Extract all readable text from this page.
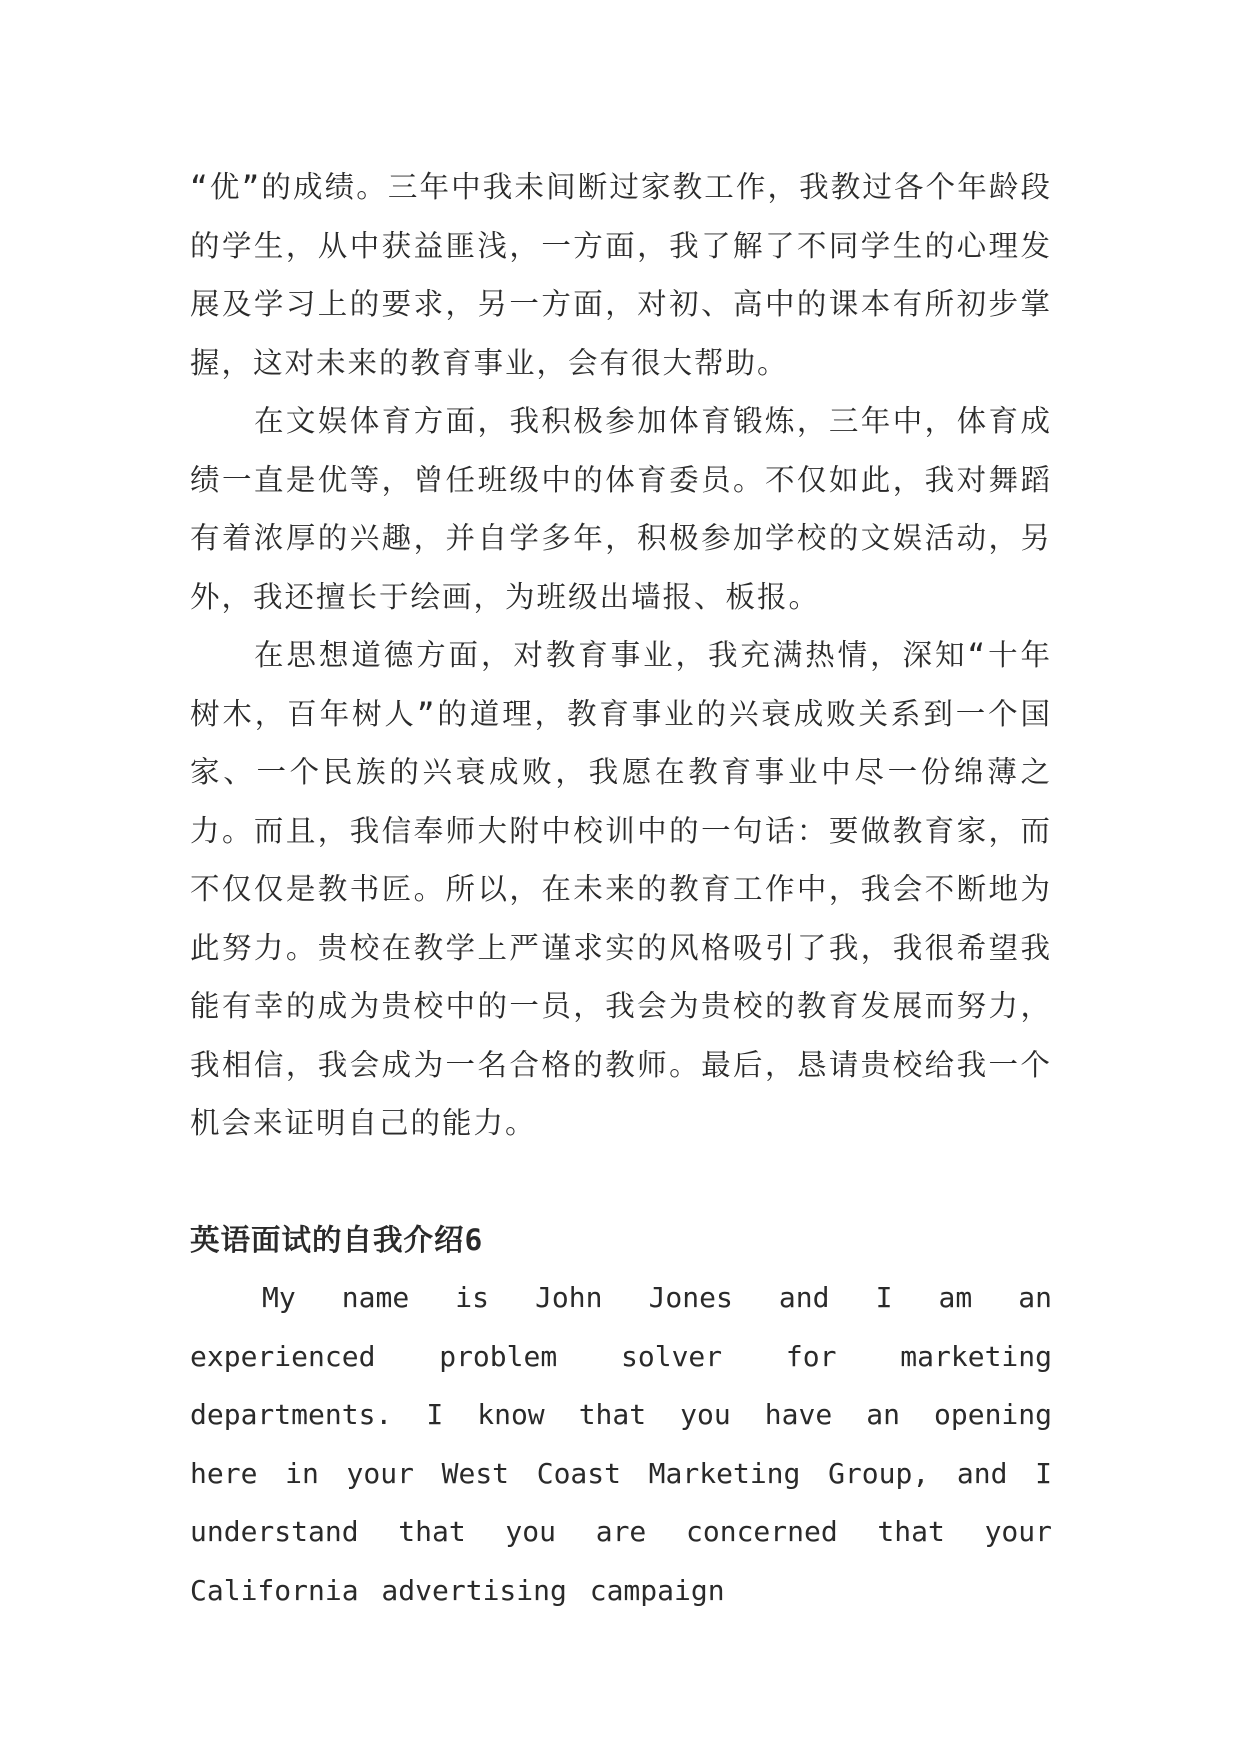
“优”的成绩。三年中我未间断过家教工作，我教过各个年龄段的学生，从中获益匪浅，一方面，我了解了不同学生的心理发展及学习上的要求，另一方面，对初、高中的课本有所初步掌握，这对未来的教育事业，会有很大帮助。

在文娱体育方面，我积极参加体育锻炼，三年中，体育成绩一直是优等，曾任班级中的体育委员。不仅如此，我对舞蹈有着浓厚的兴趣，并自学多年，积极参加学校的文娱活动，另外，我还擅长于绘画，为班级出墙报、板报。

在思想道德方面，对教育事业，我充满热情，深知“十年树木，百年树人”的道理，教育事业的兴衰成败关系到一个国家、一个民族的兴衰成败，我愿在教育事业中尽一份绵薄之力。而且，我信奉师大附中校训中的一句话：要做教育家，而不仅仅是教书匠。所以，在未来的教育工作中，我会不断地为此努力。贵校在教学上严谨求实的风格吸引了我，我很希望我能有幸的成为贵校中的一员，我会为贵校的教育发展而努力，我相信，我会成为一名合格的教师。最后，恳请贵校给我一个机会来证明自己的能力。

英语面试的自我介绍6

My name is John Jones and I am an experienced problem solver for marketing departments. I know that you have an opening here in your West Coast Marketing Group, and I understand that you are concerned that your California advertising campaign
